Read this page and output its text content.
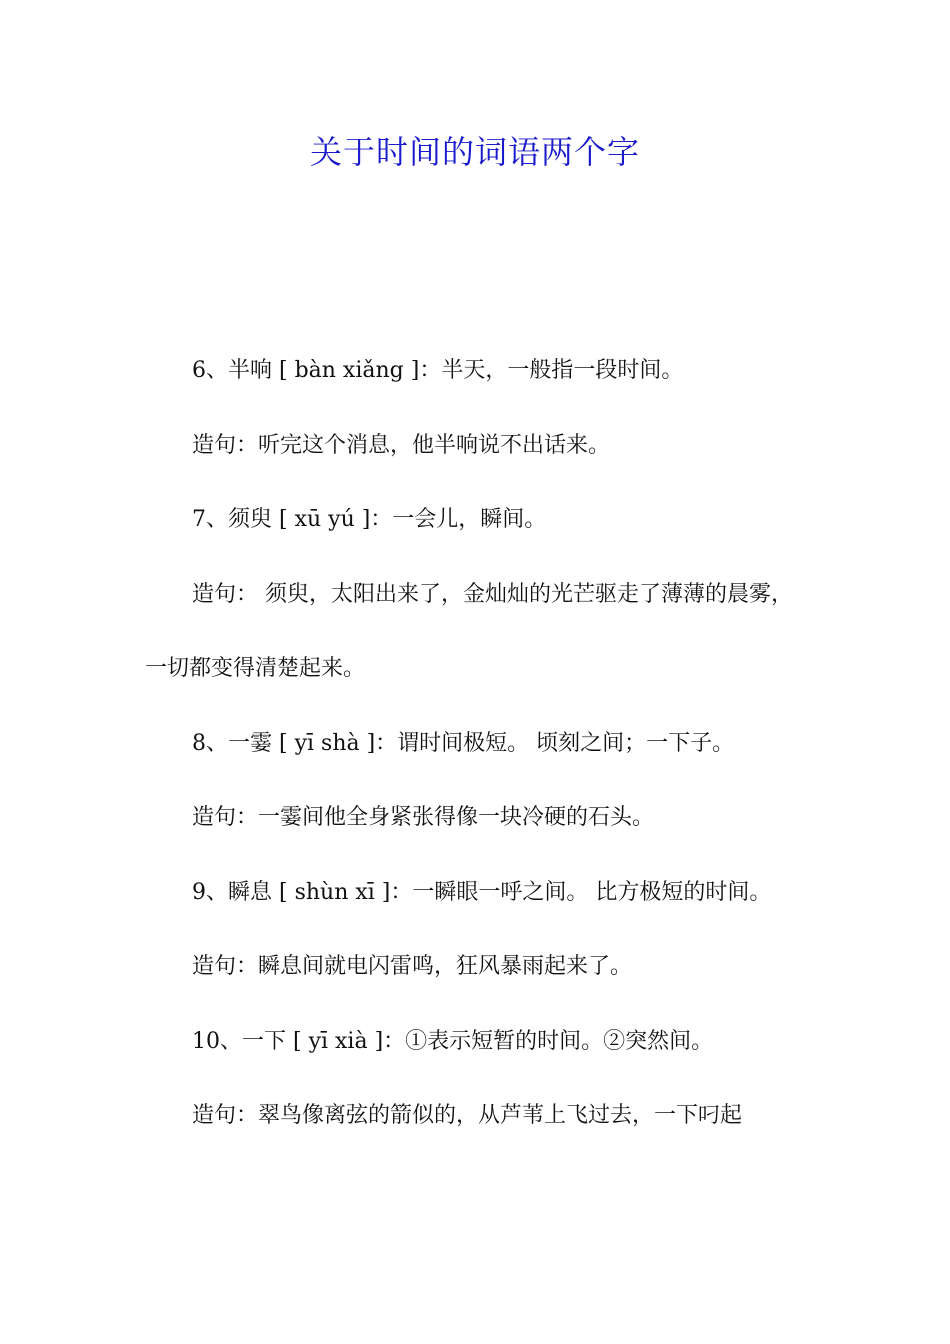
关于时间的词语两个字

6、半响 [ bàn xiǎng ]：半天，一般指一段时间。

造句：听完这个消息，他半响说不出话来。

7、须臾 [ xū yú ]：一会儿，瞬间。

造句： 须臾，太阳出来了，金灿灿的光芒驱走了薄薄的晨雾，一切都变得清楚起来。

8、一霎 [ yī shà ]：谓时间极短。 顷刻之间；一下子。

造句：一霎间他全身紧张得像一块冷硬的石头。

9、瞬息 [ shùn xī ]：一瞬眼一呼之间。 比方极短的时间。

造句：瞬息间就电闪雷鸣，狂风暴雨起来了。

10、一下 [ yī xià ]：①表示短暂的时间。②突然间。

造句：翠鸟像离弦的箭似的，从芦苇上飞过去，一下叼起
